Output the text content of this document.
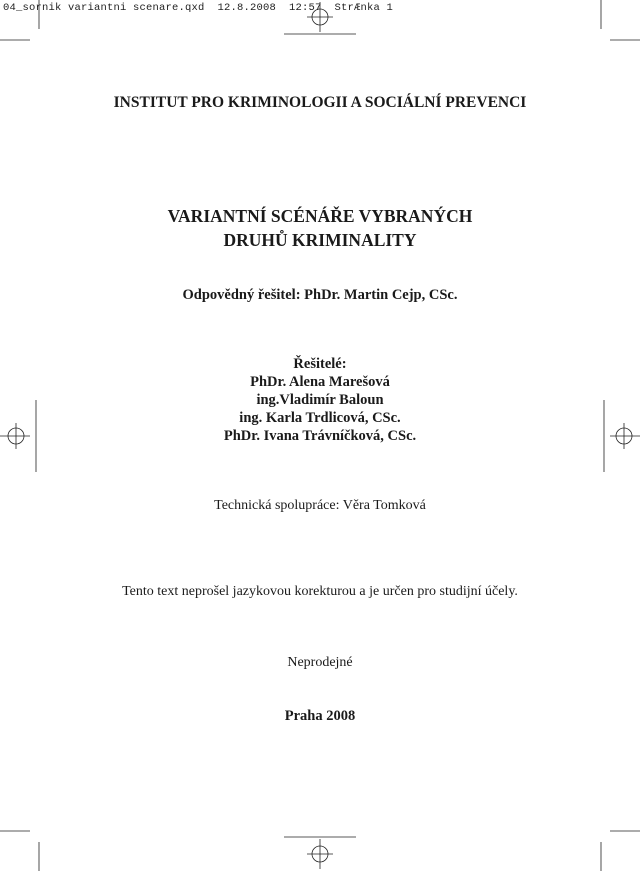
04_sornik variantni scenare.qxd  12.8.2008  12:57  StrÆnka 1
INSTITUT PRO KRIMINOLOGII A SOCIÁLNÍ PREVENCI
VARIANTNÍ SCÉNÁŘE VYBRANÝCH
DRUHŮ KRIMINALITY
Odpovědný řešitel: PhDr. Martin Cejp, CSc.
Řešitelé:
PhDr. Alena Marešová
ing.Vladimír Baloun
ing. Karla Trdlicová, CSc.
PhDr. Ivana Trávníčková, CSc.
Technická spolupráce: Věra Tomková
Tento text neprošel jazykovou korekturou a je určen pro studijní účely.
Neprodejné
Praha 2008
